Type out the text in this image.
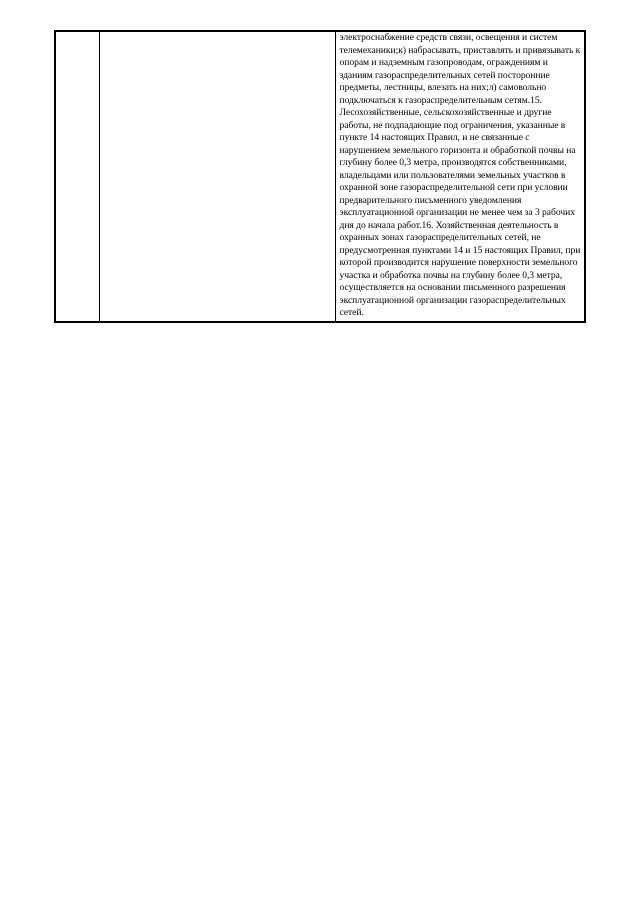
электроснабжение средств связи, освещения и систем телемеханики;к) набрасывать, приставлять и привязывать к опорам и надземным газопроводам, ограждениям и зданиям газораспределительных сетей посторонние предметы, лестницы, влезать на них;л) самовольно подключаться к газораспределительным сетям.15. Лесохозяйственные, сельскохозяйственные и другие работы, не подпадающие под ограничения, указанные в пункте 14 настоящих Правил, и не связанные с нарушением земельного горизонта и обработкой почвы на глубину более 0,3 метра, производятся собственниками, владельцами или пользователями земельных участков в охранной зоне газораспределительной сети при условии предварительного письменного уведомления эксплуатационной организации не менее чем за 3 рабочих дня до начала работ.16. Хозяйственная деятельность в охранных зонах газораспределительных сетей, не предусмотренная пунктами 14 и 15 настоящих Правил, при которой производится нарушение поверхности земельного участка и обработка почвы на глубину более 0,3 метра, осуществляется на основании письменного разрешения эксплуатационной организации газораспределительных сетей.
